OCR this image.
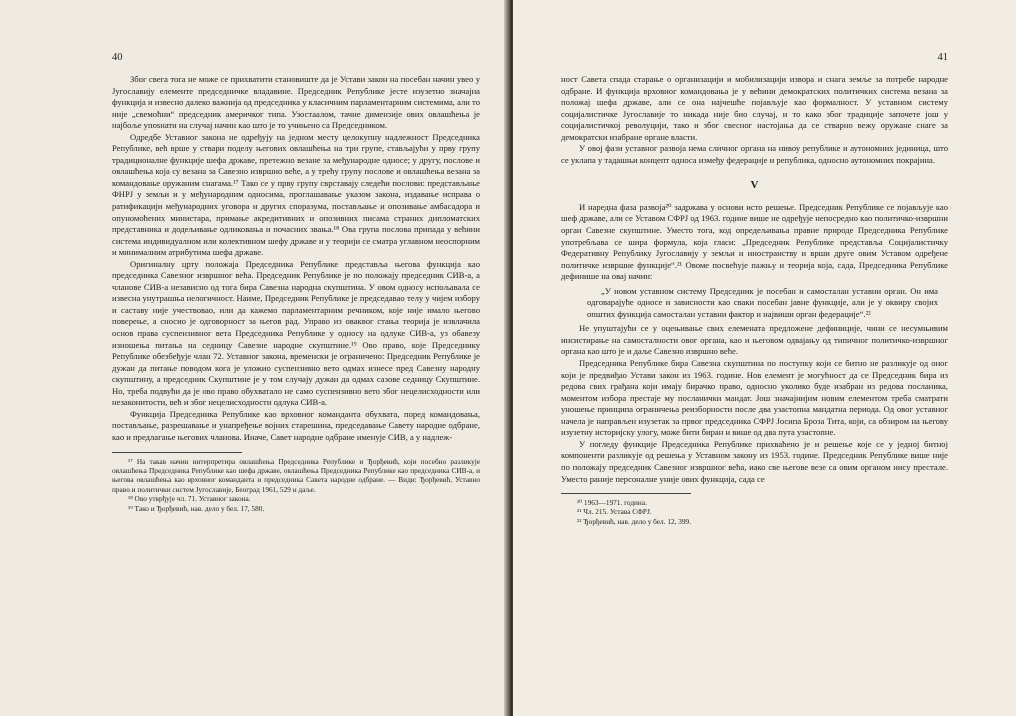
40

Због свега тога не може се прихватити становиште да је Устави закон на посебан начин увео у Југославију елементе председничке владавине. Председник Републике јесте изузетно значајна функција и извесно далеко важнија од председника у класичним парламентарним системима, али то није „свемоћни“ председник америчког типа. Узостаалом, тачне димензије ових овлашћења је најбоље упоѕнати на случај начин као што је то учињено са Председником.

Одредбе Уставног закона не одређују на једном месту целокупну надлежност Председника Републике, већ врше у ствари поделу његових овлашћења на три групе, стављајући у прву групу традиционалне функције шефа државе, претежно везане за међународне односе; у другу, послове и овлашћења која су везана за Савезно извршно веће, а у трећу групу послове и овлашћења везана за командовање оружаним снагама.¹⁷ Тако се у прву групу сврставају следећи послови: представљање ФНРЈ у земљи и у међународним односима, проглашавање указом закона, издавање исправа о ратификацији међународних уговора и других споразума, постављање и опозивање амбасадора и опуномоћених министара, примање акредитивних и опозивних писама страних дипломатских представника и додељивање одликовања и почасних звања.¹⁸ Ова група послова припада у већини система индивидуалном или колективном шефу државе и у теорији се сматра углавном неоспорним и минималним атрибутима шефа државе.

Оригиналну црту положаја Председника Републике представља његова функција као председника Савезног извршног већа. Председник Републике је по положају председник СИВ-а, а чланове СИВ-а независно од тога бира Савезна народна скупштина. У овом односу испољавала се извесна унутрашња нелогичност. Наиме, Председник Републике је председавао телу у чијем избору и саставу није учествовао, или да кажемо парламентарним речником, које није имало његово поверење, а сносио је одговорност за његов рад. Управо из оваквог стања теорија је извлачила основ права суспензивног вета Председника Републике у односу на одлуке СИВ-а, уз обавезу изношења питања на седницу Савезне народне скупштине.¹⁹ Ово право, које Председнику Републике обезбеђује члан 72. Уставног закона, временски је ограничено: Председник Републике је дужан да питање поводом кога је уложио суспензивно вето одмах изнесе пред Савезну народну скупштину, а председник Скупштине је у том случају дужан да одмах сазове седницу Скупштине. Но, треба подвући да је ово право обухватало не само суспензивно вето због нецелисходности или незаконитости, већ и због нецелисходности одлука СИВ-а.

Функција Председника Републике као врховног команданта обухвата, поред командовања, постављање, разрешавање и унапређење војних старешина, председавање Савету народне одбране, као и предлагање његових чланова. Иначе, Савет народне одбране именује СИВ, а у надлеж-

¹⁷ На такав начин интерпретира овлашћења Председника Републике и Ђорђевић, који посебно разликује овлашћења Председника Републике као шефа државе, овлашћења Председника Републике као председника СИВ-а, и његова овлашћења као врховног команданта и председника Савета народне одбране. — Види: Ђорђевић, Уставно право и политички систем Југославије, Београд 1961, 529 и даље.

¹⁸ Ово утврђује чл. 71. Уставног закона.

¹⁹ Тако и Ђорђевић, нав. дело у бел. 17, 580.

41

ност Савета спада старање о организацији и мобилизацији извора и снага земље за потребе народне одбране. И функција врховног командовања је у већини демократских политичких система везана за положај шефа државе, али се она најчешће појављује као формалност. У уставном систему социјалистичке Југославије то никада није био случај, и то како због традиције започете још у социјалистичкој револуцији, тако и због свесног настојања да се стварно вежу оружане снаге за демократски изабране органе власти.

У овој фази уставног развоја нема сличног органа на нивоу републике и аутономних јединица, што се уклапа у тадашњи концепт односа између федерације и република, односно аутономних покрајина.

V

И наредна фаза развоја²⁰ задржава у основи исто решење. Председник Републике се појављује као шеф државе, али се Уставом СФРЈ од 1963. године више не одређује непосредно као политичко-извршни орган Савезне скупштине. Уместо тога, код опредељивања правне природе Председника Републике употребљава се шира формула, која гласи: „Председник Републике представља Социјалистичку Федеративну Републику Југославију у земљи и иностранству и врши друге овим Уставом одређене политичке извршне функције“.²¹ Овоме посвећује пажњу и теорија која, сада, Председника Републике дефинише на овај начин:

„У новом уставном систему Председник је посебан и самосталан уставни орган. Он има одговарајуће односе и зависности као сваки посебан јавне функције, али је у оквиру својих општих функција самосталан уставни фактор и највиши орган федерације“.²²

Не упуштајући се у оцењивање свих елемената предложене дефиниције, чини се несумњивим инсистирање на самосталности овог органа, као и његовом одвајању од типичног политичко-извршног органа као што је и даље Савезно извршно веће.

Председника Републике бира Савезна скупштина по поступку који се битно не разликује од оног који је предвиђао Устави закон из 1963. године. Нов елемент је могућност да се Председник бира из редова свих грађана који имају бирачко право, односно уколико буде изабран из редова посланика, моментом избора престаје му посланички мандат. Још значајнијим новим елементом треба сматрати уношење принципа ограничења реизборности после два узастопна мандатна периода. Од овог уставног начела је направљен изузетак за првог председника СФРЈ Јосипа Броза Тита, који, са обзиром на његову изузетну историјску улогу, може бити биран и више од два пута узастопне.

У погледу функције Председника Републике прихваћено је и решење које се у једној битној компоненти разликује од решења у Уставном закону из 1953. године. Председник Републике више није по положају председник Савезног извршног већа, иако све његове везе са овим органом нису престале. Уместо раније персоналне унијe ових функција, сада се

²⁰ 1963—1971. година.

²¹ Чл. 215. Устава СФРЈ.

²² Ђорђевић, нав. дело у бел. 12, 399.
